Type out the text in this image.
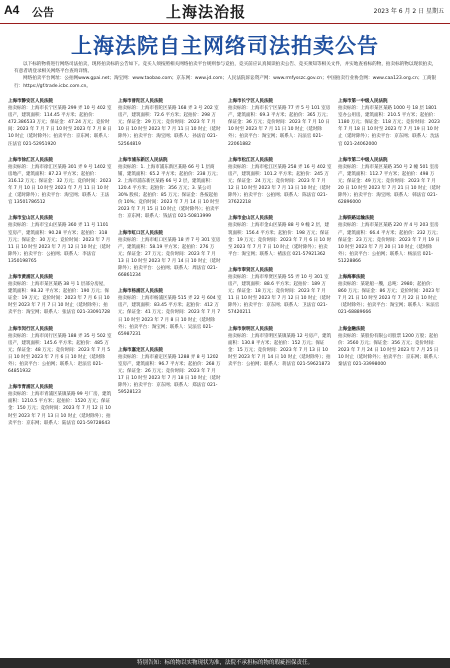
A4 公告	上海法治报	2023 年 6 月 2 日 星期五
上海法院自主网络司法拍卖公告

以下标的物将进行网络司法拍卖，现将拍卖标的公告如下。竞买人须按照相关网络拍卖平台规则参与竞拍，竞买前应认真阅读拍卖公告、竞买须知等相关文件，并实地查看标的物，拍卖标的物以现状拍卖，有意者请登录相关网络平台查询详情。

网络拍卖平台网址：公拍网www.gpai.net；淘宝网：www.taobao.com；京东网：www.jd.com；人民法院诉讼资产网：www.rmfysszc.gov.cn；中国拍卖行业协会网：www.caa123.org.cn；工商银行：https://gf.trade.icbc.com.cn。

上海市静安区人民法院
拍卖标的：上海市长宁区某路 299 弄 10 号 402 室房产，建筑面积：114.45 平方米；起拍价：472.386533 万元；保证金：47.24 万元；竞价时间：2023 年 7 月 7 日 10 时至 2023 年 7 月 8 日 10 时止（延时除外）；拍卖平台：京东网；联系人：汪法官 021-52951920
上海市徐汇区人民法院
拍卖标的：上海市徐汇区某路 301 弄 9 号 1402 室房地产，建筑面积：87.23 平方米；起拍价：316.12 万元；保证金：32 万元；竞价时间：2023 年 7 月 10 日 10 时至 2023 年 7 月 11 日 10 时止（延时除外）；拍卖平台：淘宝网；联系人：王法官 13501786512
上海市宝山区人民法院
拍卖标的：上海市宝山区某路 360 弄 11 号 1101 室房产，建筑面积：90.28 平方米；起拍价：318 万元；保证金：30 万元；竞价时间：2023 年 7 月 11 日 10 时至 2023 年 7 月 12 日 10 时止（延时除外）；拍卖平台：公拍网；联系人：李法官 1350198765
上海市黄浦区人民法院
拍卖标的：上海市某区某路 38 号 1 层部分房屋，建筑面积：98.32 平方米；起拍价：190 万元；保证金：19 万元；竞价时间：2023 年 7 月 6 日 10 时至 2023 年 7 月 7 日 10 时止（延时除外）；拍卖平台：淘宝网；联系人：张法官 021-33091728
上海市闵行区人民法院
拍卖标的：上海市闵行区某路 188 弄 35 号 502 室房产，建筑面积：145.6 平方米；起拍价：485 万元；保证金：48 万元；竞价时间：2023 年 7 月 5 日 10 时至 2023 年 7 月 6 日 10 时止（延时除外）；拍卖平台：公拍网；联系人：赵法官 021-64851932
上海市青浦区人民法院
拍卖标的：上海市青浦区某镇某路 99 号厂房，建筑面积：1210.5 平方米；起拍价：1520 万元；保证金：150 万元；竞价时间：2023 年 7 月 12 日 10 时至 2023 年 7 月 13 日 10 时止（延时除外）；拍卖平台：京东网；联系人：陆法官 021-59728643
上海市普陀区人民法院
拍卖标的：上海市普陀区某路 168 弄 3 号 202 室房产，建筑面积：72.6 平方米；起拍价：298 万元；保证金：29 万元；竞价时间：2023 年 7 月 10 日 10 时至 2023 年 7 月 11 日 10 时止（延时除外）；拍卖平台：淘宝网；联系人：孙法官 021-52564819
上海市浦东新区人民法院
拍卖标的：1. 上海市浦东新区某路 66 号 1 层商铺，建筑面积：65.2 平方米；起拍价：238 万元；2. 上海市浦东新区某路 66 号 2 层，建筑面积：120.4 平方米；起拍价：356 万元；3. 某公司 30% 股权；起拍价：85 万元；保证金：各按起拍价 10%；竞价时间：2023 年 7 月 14 日 10 时至 2023 年 7 月 15 日 10 时止（延时除外）；拍卖平台：京东网；联系人：钱法官 021-50813999
上海市虹口区人民法院
拍卖标的：上海市虹口区某路 18 弄 7 号 301 室房产，建筑面积：58.19 平方米；起拍价：276 万元；保证金：27 万元；竞价时间：2023 年 7 月 13 日 10 时至 2023 年 7 月 14 日 10 时止（延时除外）；拍卖平台：公拍网；联系人：周法官 021-66861234
上海市杨浦区人民法院
拍卖标的：上海市杨浦区某路 515 弄 22 号 604 室房产，建筑面积：83.45 平方米；起拍价：412 万元；保证金：41 万元；竞价时间：2023 年 7 月 7 日 10 时至 2023 年 7 月 8 日 10 时止（延时除外）；拍卖平台：淘宝网；联系人：吴法官 021-65987231
上海市嘉定区人民法院
拍卖标的：上海市嘉定区某路 1288 弄 8 号 1202 室房产，建筑面积：96.7 平方米；起拍价：268 万元；保证金：26 万元；竞价时间：2023 年 7 月 17 日 10 时至 2023 年 7 月 18 日 10 时止（延时除外）；拍卖平台：京东网；联系人：郑法官 021-59528123
上海市长宁区人民法院
拍卖标的：上海市长宁区某路 77 弄 5 号 101 室房产，建筑面积：69.3 平方米；起拍价：365 万元；保证金：36 万元；竞价时间：2023 年 7 月 10 日 10 时至 2023 年 7 月 11 日 10 时止（延时除外）；拍卖平台：淘宝网；联系人：冯法官 021-22061882
上海市松江区人民法院
拍卖标的：上海市松江区某路 258 弄 16 号 402 室房产，建筑面积：101.2 平方米；起拍价：245 万元；保证金：24 万元；竞价时间：2023 年 7 月 12 日 10 时至 2023 年 7 月 13 日 10 时止（延时除外）；拍卖平台：公拍网；联系人：陈法官 021-37622218
上海市金山区人民法院
拍卖标的：上海市金山区某路 88 号 9 幢 2 层，建筑面积：156.4 平方米；起拍价：198 万元；保证金：19 万元；竞价时间：2023 年 7 月 6 日 10 时至 2023 年 7 月 7 日 10 时止（延时除外）；拍卖平台：淘宝网；联系人：褚法官 021-57921362
上海市奉贤区人民法院
拍卖标的：上海市奉贤区某路 55 弄 10 号 301 室房产，建筑面积：88.6 平方米；起拍价：189 万元；保证金：18 万元；竞价时间：2023 年 7 月 11 日 10 时至 2023 年 7 月 12 日 10 时止（延时除外）；拍卖平台：京东网；联系人：卫法官 021-57420211
上海市崇明区人民法院
拍卖标的：上海市崇明区某镇某路 12 号房产，建筑面积：130.8 平方米；起拍价：152 万元；保证金：15 万元；竞价时间：2023 年 7 月 13 日 10 时至 2023 年 7 月 14 日 10 时止（延时除外）；拍卖平台：公拍网；联系人：蒋法官 021-59621873
上海市第一中级人民法院
拍卖标的：上海市某区某路 1000 号 18 层 1801 室办公用房，建筑面积：210.5 平方米；起拍价：1180 万元；保证金：118 万元；竞价时间：2023 年 7 月 18 日 10 时至 2023 年 7 月 19 日 10 时止（延时除外）；拍卖平台：京东网；联系人：沈法官 021-24062000
上海市第二中级人民法院
拍卖标的：上海市某区某路 350 号 2 幢 501 室房产，建筑面积：112.7 平方米；起拍价：498 万元；保证金：49 万元；竞价时间：2023 年 7 月 20 日 10 时至 2023 年 7 月 21 日 10 时止（延时除外）；拍卖平台：淘宝网；联系人：韩法官 021-62896000
上海铁路运输法院
拍卖标的：上海市某区某路 220 弄 4 号 203 室房产，建筑面积：66.4 平方米；起拍价：232 万元；保证金：23 万元；竞价时间：2023 年 7 月 19 日 10 时至 2023 年 7 月 20 日 10 时止（延时除外）；拍卖平台：公拍网；联系人：杨法官 021-51228866
上海海事法院
拍卖标的：某轮船一艘，总吨：2980；起拍价：860 万元；保证金：86 万元；竞价时间：2023 年 7 月 21 日 10 时至 2023 年 7 月 22 日 10 时止（延时除外）；拍卖平台：淘宝网；联系人：朱法官 021-68889666
上海金融法院
拍卖标的：某股份有限公司股票 1200 万股；起拍价：3560 万元；保证金：356 万元；竞价时间：2023 年 7 月 24 日 10 时至 2023 年 7 月 25 日 10 时止（延时除外）；拍卖平台：京东网；联系人：秦法官 021-33998000
特别告知：标的物以实物现状为准，法院不承担标的物的瑕疵担保责任。
